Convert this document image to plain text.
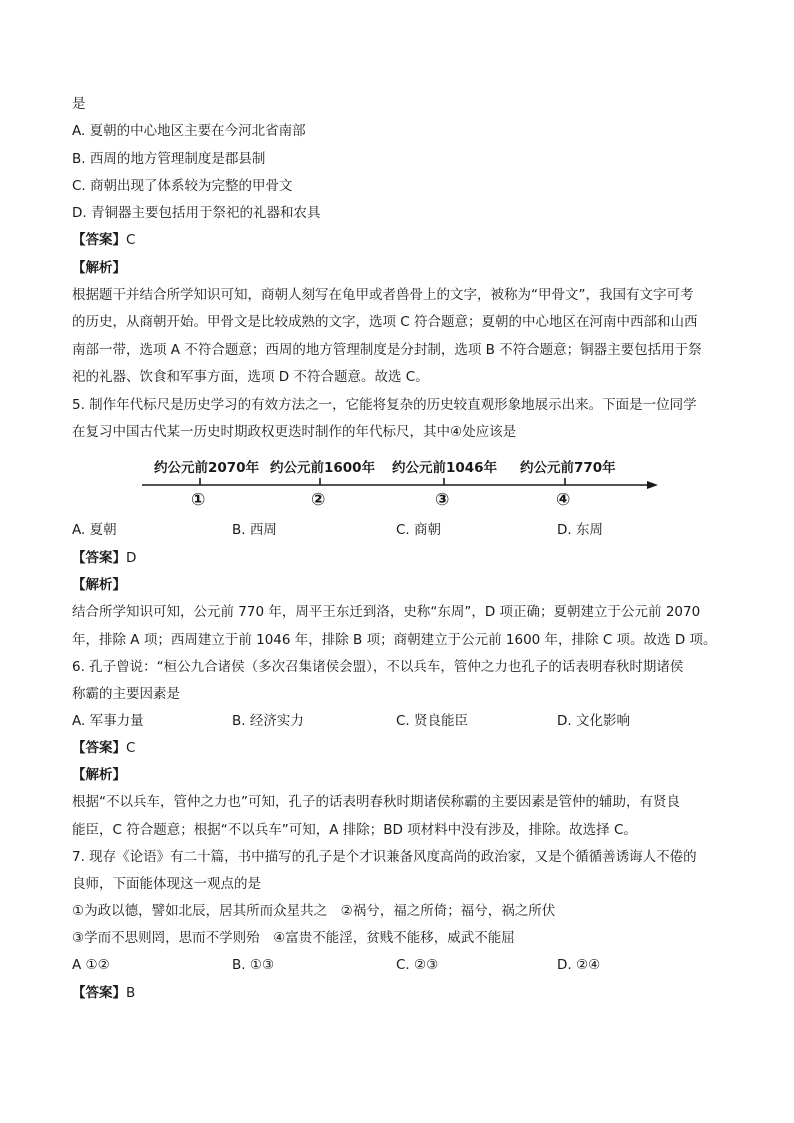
是
A. 夏朝的中心地区主要在今河北省南部
B. 西周的地方管理制度是郡县制
C. 商朝出现了体系较为完整的甲骨文
D. 青铜器主要包括用于祭祀的礼器和农具
【答案】C
【解析】
根据题干并结合所学知识可知，商朝人刻写在龟甲或者兽骨上的文字，被称为“甲骨文”，我国有文字可考
的历史，从商朝开始。甲骨文是比较成熟的文字，选项 C 符合题意；夏朝的中心地区在河南中西部和山西
南部一带，选项 A 不符合题意；西周的地方管理制度是分封制，选项 B 不符合题意；铜器主要包括用于祭
祀的礼器、饮食和军事方面，选项 D 不符合题意。故选 C。
5. 制作年代标尺是历史学习的有效方法之一，它能将复杂的历史较直观形象地展示出来。下面是一位同学
在复习中国古代某一历史时期政权更迭时制作的年代标尺，其中④处应该是
约公元前2070年 约公元前1600年 约公元前1046年 约公元前770年
①	②	③	④
A. 夏朝	B. 西周	C. 商朝	D. 东周
【答案】D
【解析】
结合所学知识可知，公元前 770 年，周平王东迁到洛，史称“东周”，D 项正确；夏朝建立于公元前 2070
年，排除 A 项；西周建立于前 1046 年，排除 B 项；商朝建立于公元前 1600 年，排除 C 项。故选 D 项。
6. 孔子曾说：“桓公九合诸侯（多次召集诸侯会盟），不以兵车，管仲之力也孔子的话表明春秋时期诸侯
称霸的主要因素是
A. 军事力量	B. 经济实力	C. 贤良能臣	D. 文化影响
【答案】C
【解析】
根据“不以兵车，管仲之力也”可知，孔子的话表明春秋时期诸侯称霸的主要因素是管仲的辅助，有贤良
能臣，C 符合题意；根据“不以兵车”可知，A 排除；BD 项材料中没有涉及，排除。故选择 C。
7. 现存《论语》有二十篇，书中描写的孔子是个才识兼备风度高尚的政治家，又是个循循善诱诲人不倦的
良师，下面能体现这一观点的是
①为政以德，譬如北辰，居其所而众星共之　②祸兮，福之所倚；福兮，祸之所伏
③学而不思则罔，思而不学则殆　④富贵不能淫，贫贱不能移，威武不能屈
A ①②	B. ①③	C. ②③	D. ②④
【答案】B
